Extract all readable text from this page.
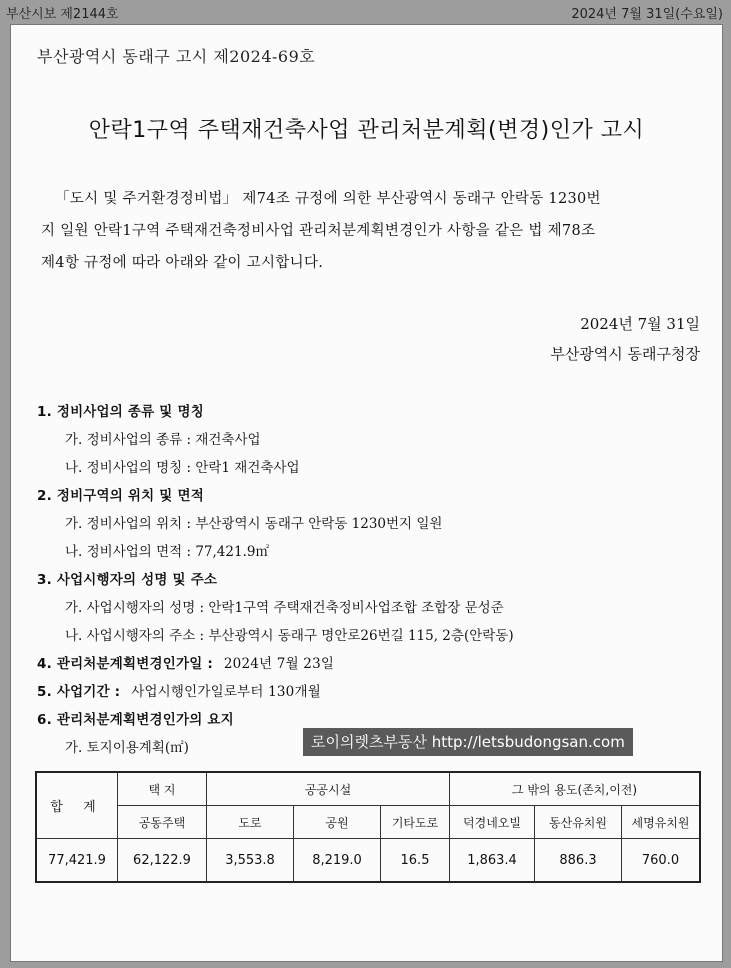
부산시보 제2144호	2024년 7월 31일(수요일)
부산광역시 동래구 고시 제2024-69호
안락1구역 주택재건축사업 관리처분계획(변경)인가 고시
「도시 및 주거환경정비법」 제74조 규정에 의한 부산광역시 동래구 안락동 1230번
지 일원 안락1구역 주택재건축정비사업 관리처분계획변경인가 사항을 같은 법 제78조
제4항 규정에 따라 아래와 같이 고시합니다.
2024년 7월 31일
부산광역시 동래구청장
1. 정비사업의 종류 및 명칭
가. 정비사업의 종류 : 재건축사업
나. 정비사업의 명칭 : 안락1 재건축사업
2. 정비구역의 위치 및 면적
가. 정비사업의 위치 : 부산광역시 동래구 안락동 1230번지 일원
나. 정비사업의 면적 : 77,421.9㎡
3. 사업시행자의 성명 및 주소
가. 사업시행자의 성명 : 안락1구역 주택재건축정비사업조합 조합장 문성준
나. 사업시행자의 주소 : 부산광역시 동래구 명안로26번길 115, 2층(안락동)
4. 관리처분계획변경인가일 : 2024년 7월 23일
5. 사업기간 : 사업시행인가일로부터 130개월
6. 관리처분계획변경인가의 요지
가. 토지이용계획(㎡)	로이의렛츠부동산 http://letsbudongsan.com
합 계	택 지	공공시설			그 밖의 용도(존치,이전)		
	공동주택	도로	공원	기타도로	덕경네오빌	동산유치원	세명유치원
77,421.9	62,122.9	3,553.8	8,219.0	16.5	1,863.4	886.3	760.0
